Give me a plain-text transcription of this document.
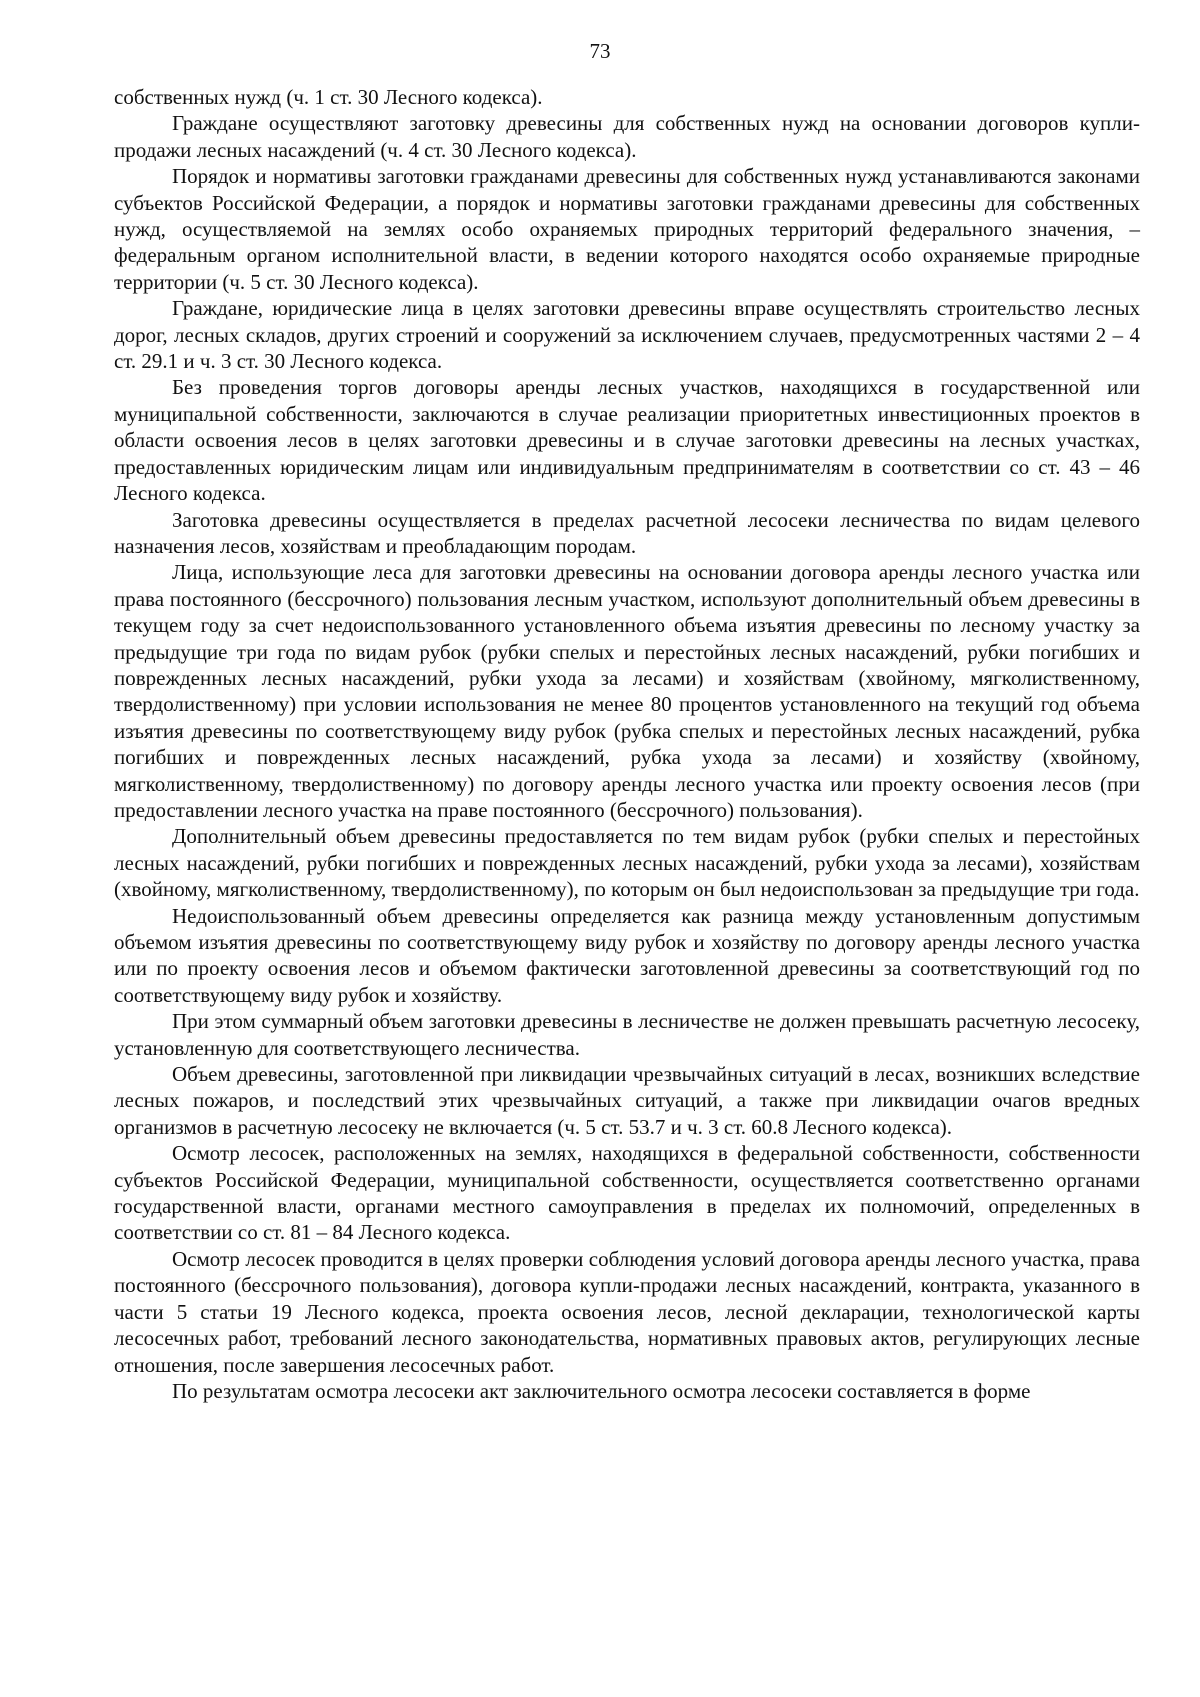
73

собственных нужд (ч. 1 ст. 30 Лесного кодекса).

Граждане осуществляют заготовку древесины для собственных нужд на основании договоров купли-продажи лесных насаждений (ч. 4 ст. 30 Лесного кодекса).

Порядок и нормативы заготовки гражданами древесины для собственных нужд устанавливаются законами субъектов Российской Федерации, а порядок и нормативы заготовки гражданами древесины для собственных нужд, осуществляемой на землях особо охраняемых природных территорий федерального значения, – федеральным органом исполнительной власти, в ведении которого находятся особо охраняемые природные территории (ч. 5 ст. 30 Лесного кодекса).

Граждане, юридические лица в целях заготовки древесины вправе осуществлять строительство лесных дорог, лесных складов, других строений и сооружений за исключением случаев, предусмотренных частями 2 – 4 ст. 29.1 и ч. 3 ст. 30 Лесного кодекса.

Без проведения торгов договоры аренды лесных участков, находящихся в государственной или муниципальной собственности, заключаются в случае реализации приоритетных инвестиционных проектов в области освоения лесов в целях заготовки древесины и в случае заготовки древесины на лесных участках, предоставленных юридическим лицам или индивидуальным предпринимателям в соответствии со ст. 43 – 46 Лесного кодекса.

Заготовка древесины осуществляется в пределах расчетной лесосеки лесничества по видам целевого назначения лесов, хозяйствам и преобладающим породам.

Лица, использующие леса для заготовки древесины на основании договора аренды лесного участка или права постоянного (бессрочного) пользования лесным участком, используют дополнительный объем древесины в текущем году за счет недоиспользованного установленного объема изъятия древесины по лесному участку за предыдущие три года по видам рубок (рубки спелых и перестойных лесных насаждений, рубки погибших и поврежденных лесных насаждений, рубки ухода за лесами) и хозяйствам (хвойному, мягколиственному, твердолиственному) при условии использования не менее 80 процентов установленного на текущий год объема изъятия древесины по соответствующему виду рубок (рубка спелых и перестойных лесных насаждений, рубка погибших и поврежденных лесных насаждений, рубка ухода за лесами) и хозяйству (хвойному, мягколиственному, твердолиственному) по договору аренды лесного участка или проекту освоения лесов (при предоставлении лесного участка на праве постоянного (бессрочного) пользования).

Дополнительный объем древесины предоставляется по тем видам рубок (рубки спелых и перестойных лесных насаждений, рубки погибших и поврежденных лесных насаждений, рубки ухода за лесами), хозяйствам (хвойному, мягколиственному, твердолиственному), по которым он был недоиспользован за предыдущие три года.

Недоиспользованный объем древесины определяется как разница между установленным допустимым объемом изъятия древесины по соответствующему виду рубок и хозяйству по договору аренды лесного участка или по проекту освоения лесов и объемом фактически заготовленной древесины за соответствующий год по соответствующему виду рубок и хозяйству.

При этом суммарный объем заготовки древесины в лесничестве не должен превышать расчетную лесосеку, установленную для соответствующего лесничества.

Объем древесины, заготовленной при ликвидации чрезвычайных ситуаций в лесах, возникших вследствие лесных пожаров, и последствий этих чрезвычайных ситуаций, а также при ликвидации очагов вредных организмов в расчетную лесосеку не включается (ч. 5 ст. 53.7 и ч. 3 ст. 60.8 Лесного кодекса).

Осмотр лесосек, расположенных на землях, находящихся в федеральной собственности, собственности субъектов Российской Федерации, муниципальной собственности, осуществляется соответственно органами государственной власти, органами местного самоуправления в пределах их полномочий, определенных в соответствии со ст. 81 – 84 Лесного кодекса.

Осмотр лесосек проводится в целях проверки соблюдения условий договора аренды лесного участка, права постоянного (бессрочного пользования), договора купли-продажи лесных насаждений, контракта, указанного в части 5 статьи 19 Лесного кодекса, проекта освоения лесов, лесной декларации, технологической карты лесосечных работ, требований лесного законодательства, нормативных правовых актов, регулирующих лесные отношения, после завершения лесосечных работ.

По результатам осмотра лесосеки акт заключительного осмотра лесосеки составляется в форме
